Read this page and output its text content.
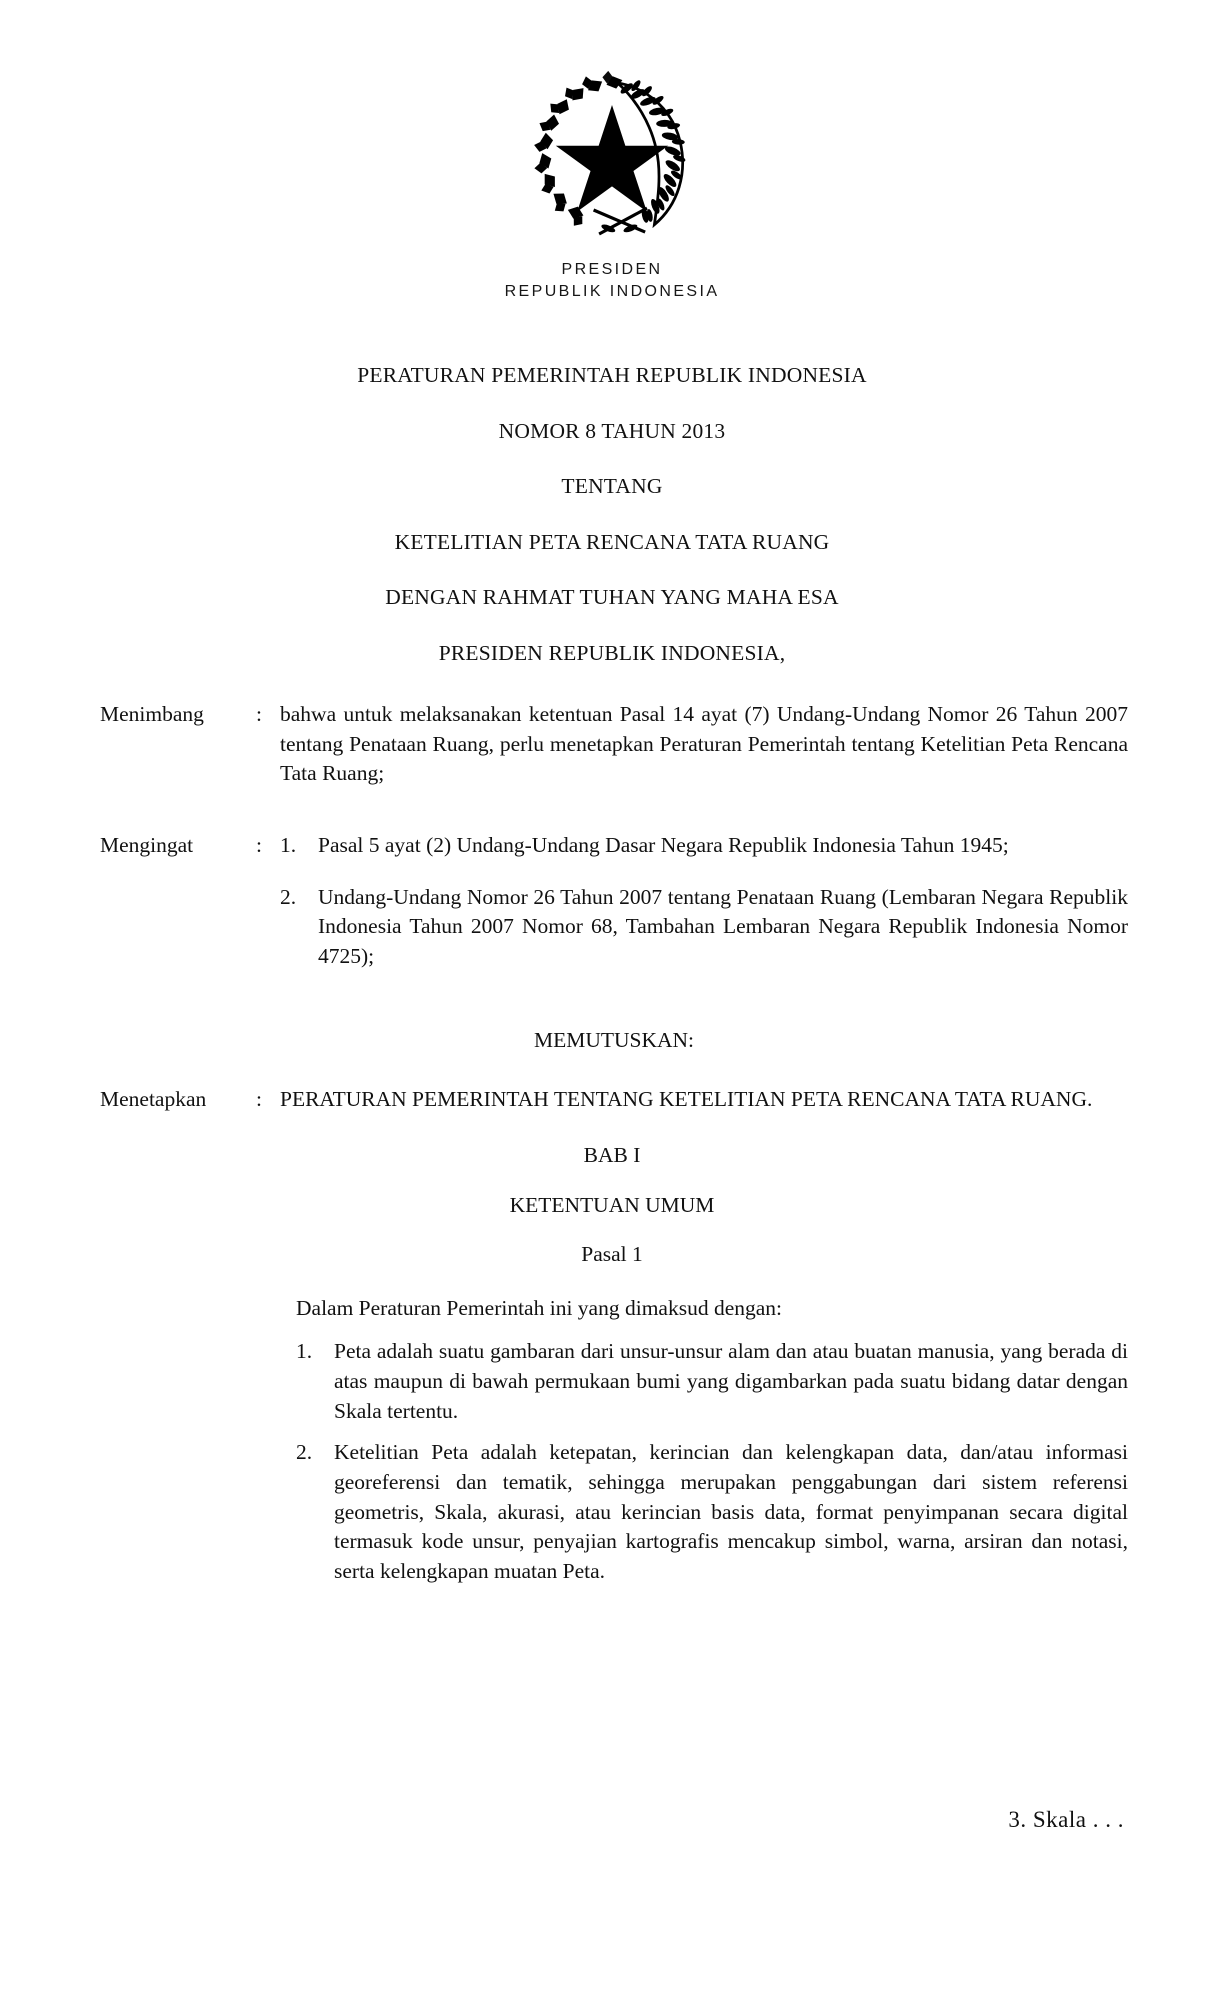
PRESIDEN
REPUBLIK INDONESIA
PERATURAN PEMERINTAH REPUBLIK INDONESIA
NOMOR 8 TAHUN 2013
TENTANG
KETELITIAN PETA RENCANA TATA RUANG
DENGAN RAHMAT TUHAN YANG MAHA ESA
PRESIDEN REPUBLIK INDONESIA,
Menimbang	: bahwa untuk melaksanakan ketentuan Pasal 14 ayat (7) Undang-Undang Nomor 26 Tahun 2007 tentang Penataan Ruang, perlu menetapkan Peraturan Pemerintah tentang Ketelitian Peta Rencana Tata Ruang;
Mengingat	: 1.	Pasal 5 ayat (2) Undang-Undang Dasar Negara Republik Indonesia Tahun 1945;
2.	Undang-Undang Nomor 26 Tahun 2007 tentang Penataan Ruang (Lembaran Negara Republik Indonesia Tahun 2007 Nomor 68, Tambahan Lembaran Negara Republik Indonesia Nomor 4725);
MEMUTUSKAN:
Menetapkan	: PERATURAN PEMERINTAH TENTANG KETELITIAN PETA RENCANA TATA RUANG.
BAB I
KETENTUAN UMUM
Pasal 1
Dalam Peraturan Pemerintah ini yang dimaksud dengan:
1.	Peta adalah suatu gambaran dari unsur-unsur alam dan atau buatan manusia, yang berada di atas maupun di bawah permukaan bumi yang digambarkan pada suatu bidang datar dengan Skala tertentu.
2.	Ketelitian Peta adalah ketepatan, kerincian dan kelengkapan data, dan/atau informasi georeferensi dan tematik, sehingga merupakan penggabungan dari sistem referensi geometris, Skala, akurasi, atau kerincian basis data, format penyimpanan secara digital termasuk kode unsur, penyajian kartografis mencakup simbol, warna, arsiran dan notasi, serta kelengkapan muatan Peta.
3. Skala . . .
